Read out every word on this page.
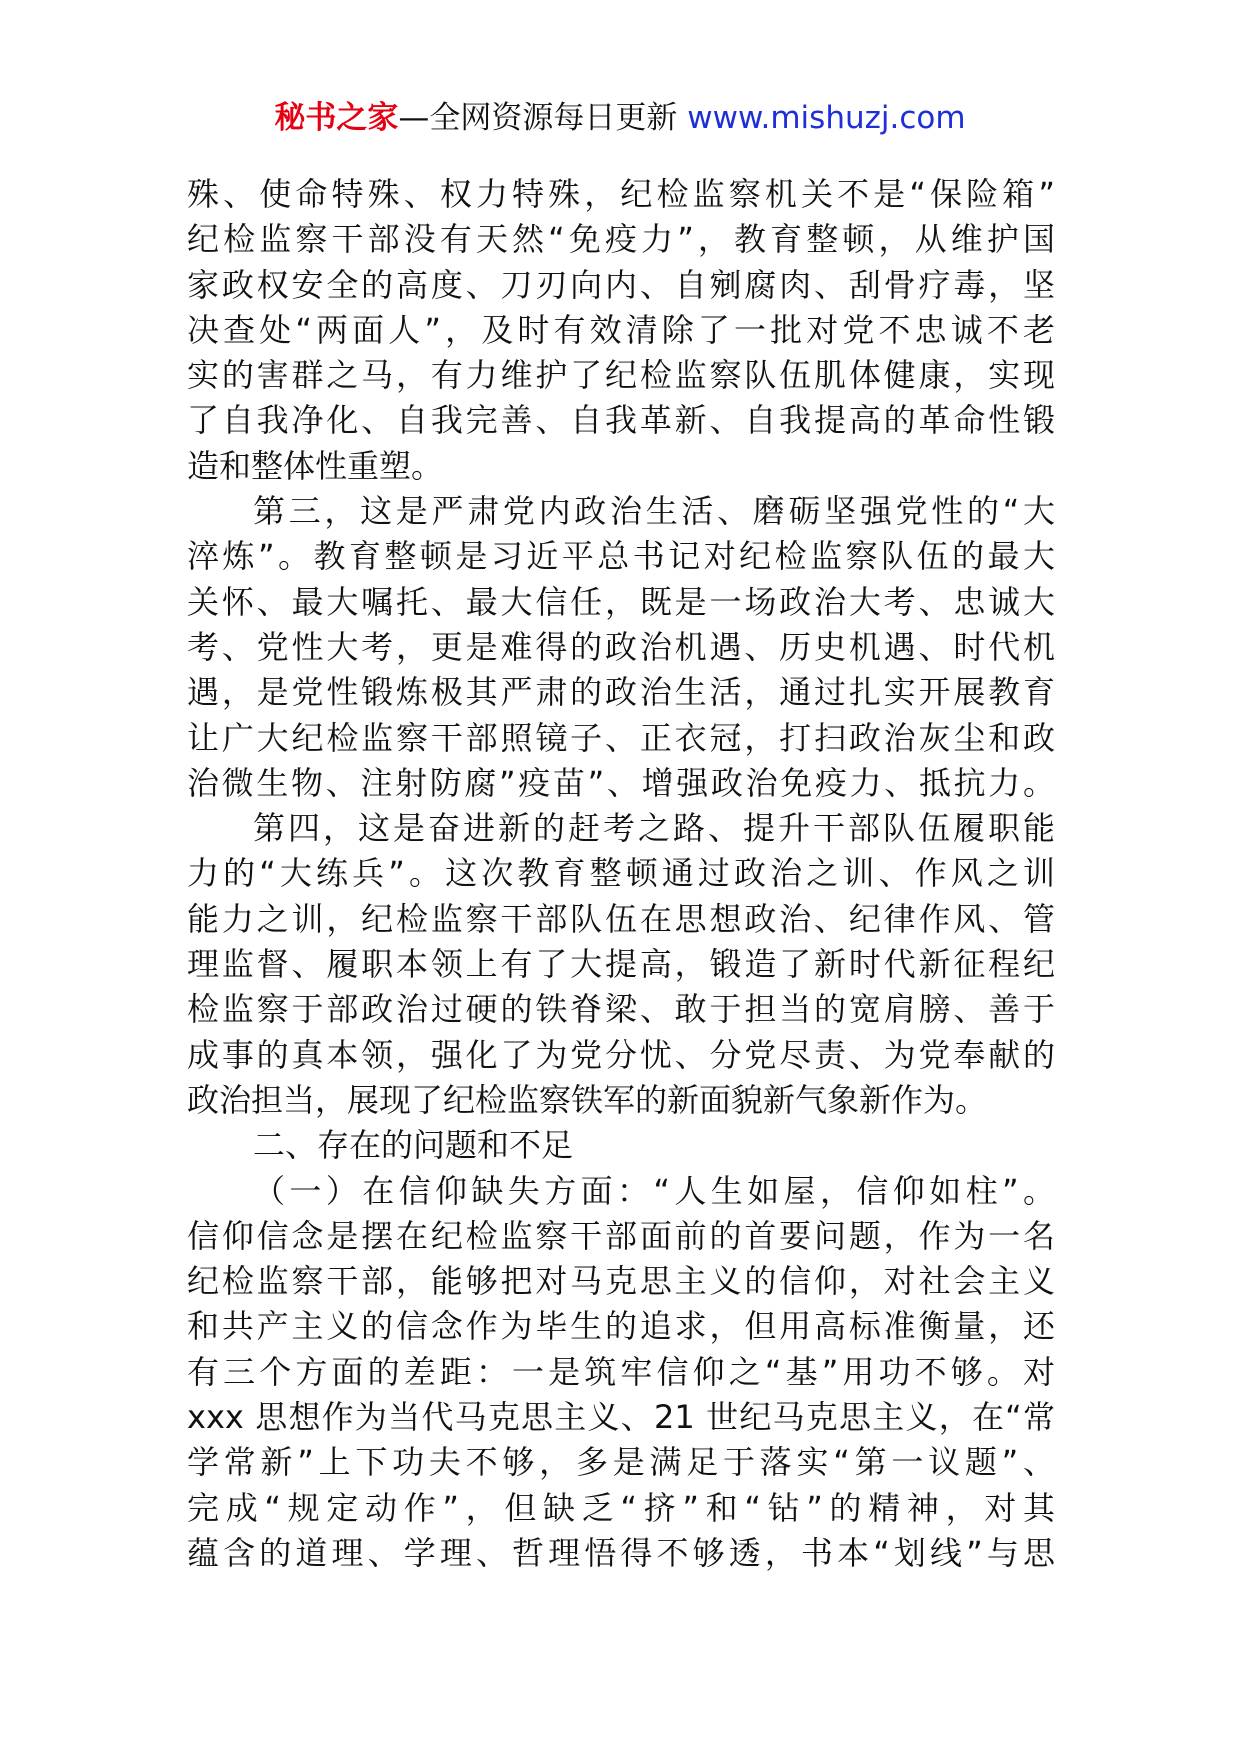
秘书之家—全网资源每日更新 www.mishuzj.com
殊、使命特殊、权力特殊，纪检监察机关不是“保险箱”
纪检监察干部没有天然“免疫力”，教育整顿，从维护国
家政权安全的高度、刀刃向内、自剜腐肉、刮骨疗毒，坚
决查处“两面人”，及时有效清除了一批对党不忠诚不老
实的害群之马，有力维护了纪检监察队伍肌体健康，实现
了自我净化、自我完善、自我革新、自我提高的革命性锻
造和整体性重塑。
第三，这是严肃党内政治生活、磨砺坚强党性的“大
淬炼”。教育整顿是习近平总书记对纪检监察队伍的最大
关怀、最大嘱托、最大信任，既是一场政治大考、忠诚大
考、党性大考，更是难得的政治机遇、历史机遇、时代机
遇，是党性锻炼极其严肃的政治生活，通过扎实开展教育
让广大纪检监察干部照镜子、正衣冠，打扫政治灰尘和政
治微生物、注射防腐”疫苗”、增强政治免疫力、抵抗力。
第四，这是奋进新的赶考之路、提升干部队伍履职能
力的“大练兵”。这次教育整顿通过政治之训、作风之训
能力之训，纪检监察干部队伍在思想政治、纪律作风、管
理监督、履职本领上有了大提高，锻造了新时代新征程纪
检监察于部政治过硬的铁脊梁、敢于担当的宽肩膀、善于
成事的真本领，强化了为党分忧、分党尽责、为党奉献的
政治担当，展现了纪检监察铁军的新面貌新气象新作为。
二、存在的问题和不足
（一）在信仰缺失方面：“人生如屋，信仰如柱”。
信仰信念是摆在纪检监察干部面前的首要问题，作为一名
纪检监察干部，能够把对马克思主义的信仰，对社会主义
和共产主义的信念作为毕生的追求，但用高标准衡量，还
有三个方面的差距：一是筑牢信仰之“基”用功不够。对
xxx 思想作为当代马克思主义、21 世纪马克思主义，在“常
学常新”上下功夫不够，多是满足于落实“第一议题”、
完成“规定动作”，但缺乏“挤”和“钻”的精神，对其
蕴含的道理、学理、哲理悟得不够透，书本“划线”与思
